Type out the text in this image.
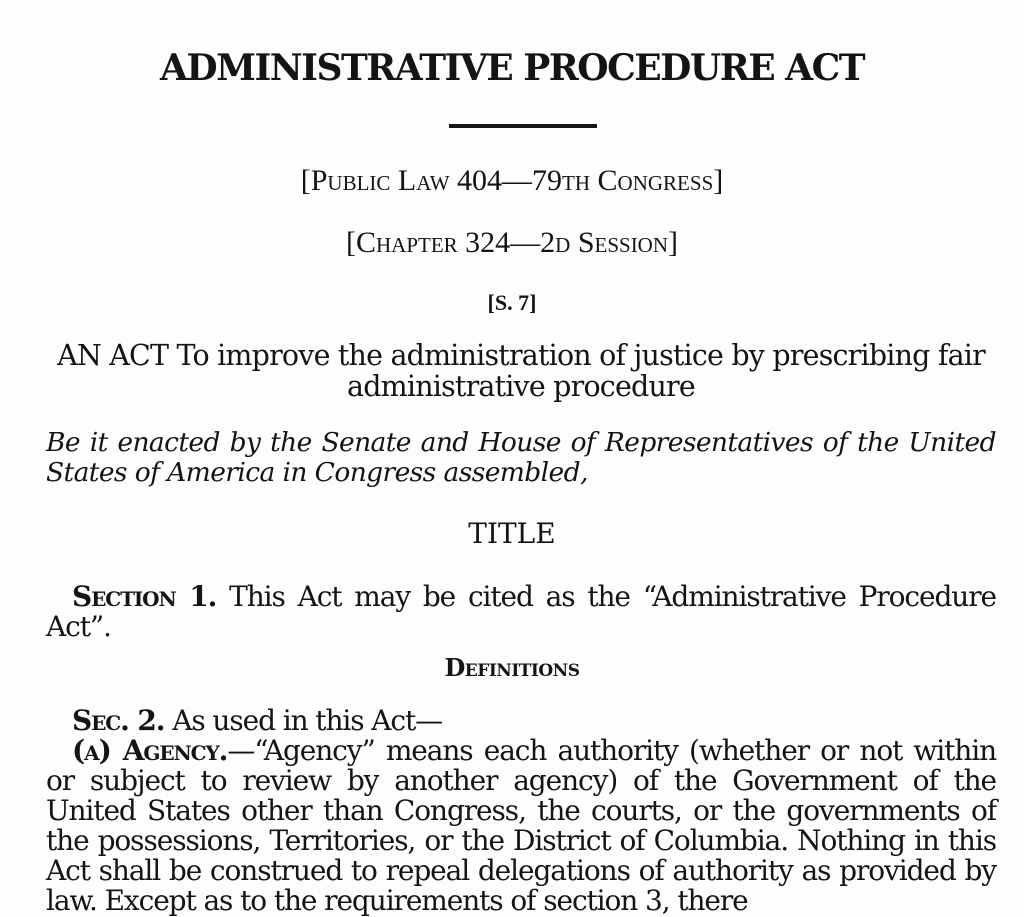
ADMINISTRATIVE PROCEDURE ACT
[Public Law 404—79th Congress]
[Chapter 324—2d Session]
[S. 7]
AN ACT To improve the administration of justice by prescribing fair administrative procedure
Be it enacted by the Senate and House of Representatives of the United States of America in Congress assembled,
TITLE
Section 1. This Act may be cited as the “Administrative Procedure Act”.
Definitions
Sec. 2. As used in this Act—
(a) Agency.—“Agency” means each authority (whether or not within or subject to review by another agency) of the Government of the United States other than Congress, the courts, or the governments of the possessions, Territories, or the District of Columbia. Nothing in this Act shall be construed to repeal delegations of authority as provided by law. Except as to the requirements of section 3, there
